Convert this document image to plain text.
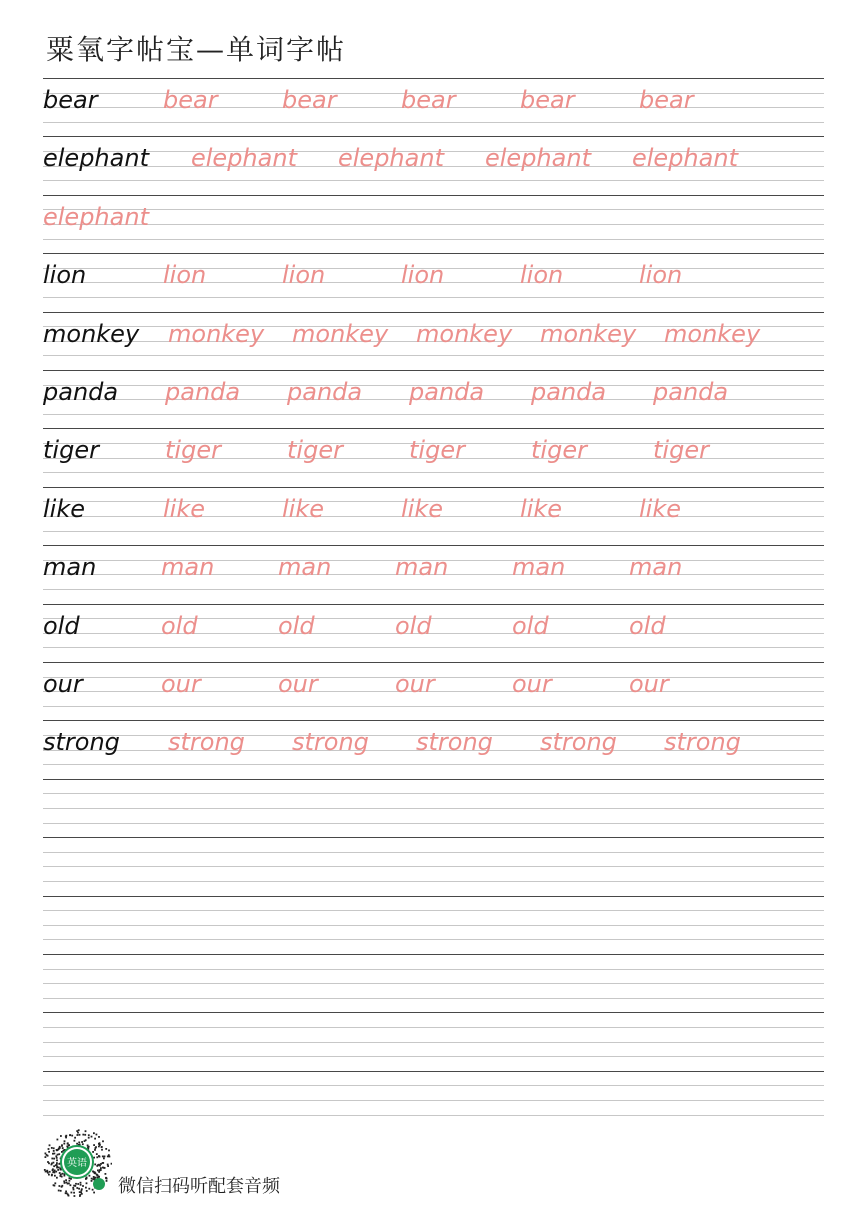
粟氧字帖宝—单词字帖
bear	bear	bear	bear	bear	bear
elephant elephant elephant elephant elephant
elephant
lion	lion	lion	lion	lion	lion
monkey monkey monkey monkey monkey monkey
panda panda panda panda panda panda
tiger	tiger	tiger	tiger	tiger	tiger
like	like	like	like	like	like
man	man	man	man	man	man
old	old	old	old	old	old
our	our	our	our	our	our
strong strong strong strong strong strong
英语
微信扫码听配套音频
